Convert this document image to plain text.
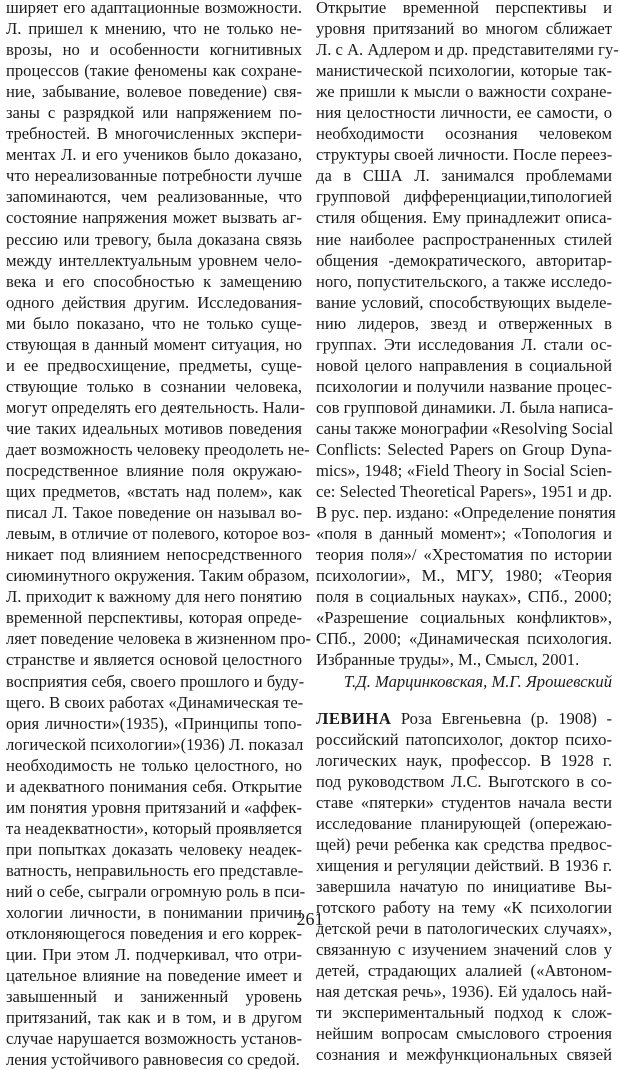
ширяет его адаптационные возможности.
Л. пришел к мнению, что не только не-
врозы, но и особенности когнитивных
процессов (такие феномены как сохране-
ние, забывание, волевое поведение) свя-
заны с разрядкой или напряжением по-
требностей. В многочисленных экспери-
ментах Л. и его учеников было доказано,
что нереализованные потребности лучше
запоминаются, чем реализованные, что
состояние напряжения может вызвать аг-
рессию или тревогу, была доказана связь
между интеллектуальным уровнем чело-
века и его способностью к замещению
одного действия другим. Исследования-
ми было показано, что не только суще-
ствующая в данный момент ситуация, но
и ее предвосхищение, предметы, суще-
ствующие только в сознании человека,
могут определять его деятельность. Нали-
чие таких идеальных мотивов поведения
дает возможность человеку преодолеть не-
посредственное влияние поля окружаю-
щих предметов, «встать над полем», как
писал Л. Такое поведение он называл во-
левым, в отличие от полевого, которое воз-
никает под влиянием непосредственного
сиюминутного окружения. Таким образом,
Л. приходит к важному для него понятию
временной перспективы, которая опреде-
ляет поведение человека в жизненном про-
странстве и является основой целостного
восприятия себя, своего прошлого и буду-
щего. В своих работах «Динамическая те-
ория личности»(1935), «Принципы топо-
логической психологии»(1936) Л. показал
необходимость не только целостного, но
и адекватного понимания себя. Открытие
им понятия уровня притязаний и «аффек-
та неадекватности», который проявляется
при попытках доказать человеку неадек-
ватность, неправильность его представле-
ний о себе, сыграли огромную роль в пси-
хологии личности, в понимании причин
отклоняющегося поведения и его коррек-
ции. При этом Л. подчеркивал, что отри-
цательное влияние на поведение имеет и
завышенный и заниженный уровень
притязаний, так как и в том, и в другом
случае нарушается возможность установ-
ления устойчивого равновесия со средой.
Открытие временной перспективы и
уровня притязаний во многом сближает
Л. с А. Адлером и др. представителями гу-
манистической психологии, которые так-
же пришли к мысли о важности сохране-
ния целостности личности, ее самости, о
необходимости осознания человеком
структуры своей личности. После переез-
да в США Л. занимался проблемами
групповой дифференциации,типологией
стиля общения. Ему принадлежит описа-
ние наиболее распространенных стилей
общения -демократического, авторитар-
ного, попустительского, а также исследо-
вание условий, способствующих выделе-
нию лидеров, звезд и отверженных в
группах. Эти исследования Л. стали ос-
новой целого направления в социальной
психологии и получили название процес-
сов групповой динамики. Л. была написа-
саны также монографии «Resolving Social
Conflicts: Selected Papers on Group Dyna-
mics», 1948; «Field Theory in Social Scien-
ce: Selected Theoretical Papers», 1951 и др.
В рус. пер. издано: «Определение понятия
«поля в данный момент»; «Топология и
теория поля»/ «Хрестоматия по истории
психологии», М., МГУ, 1980; «Теория
поля в социальных науках», СПб., 2000;
«Разрешение социальных конфликтов»,
СПб., 2000; «Динамическая психология.
Избранные труды», М., Смысл, 2001.
Т.Д. Марцинковская, М.Г. Ярошевский
ЛЕВИНА Роза Евгеньевна (р. 1908) -
российский патопсихолог, доктор психо-
логических наук, профессор. В 1928 г.
под руководством Л.С. Выготского в со-
ставе «пятерки» студентов начала вести
исследование планирующей (опережаю-
щей) речи ребенка как средства предвос-
хищения и регуляции действий. В 1936 г.
завершила начатую по инициативе Вы-
готского работу на тему «К психологии
детской речи в патологических случаях»,
связанную с изучением значений слов у
детей, страдающих алалией («Автоном-
ная детская речь», 1936). Ей удалось най-
ти экспериментальный подход к слож-
нейшим вопросам смыслового строения
сознания и межфункциональных связей
261
